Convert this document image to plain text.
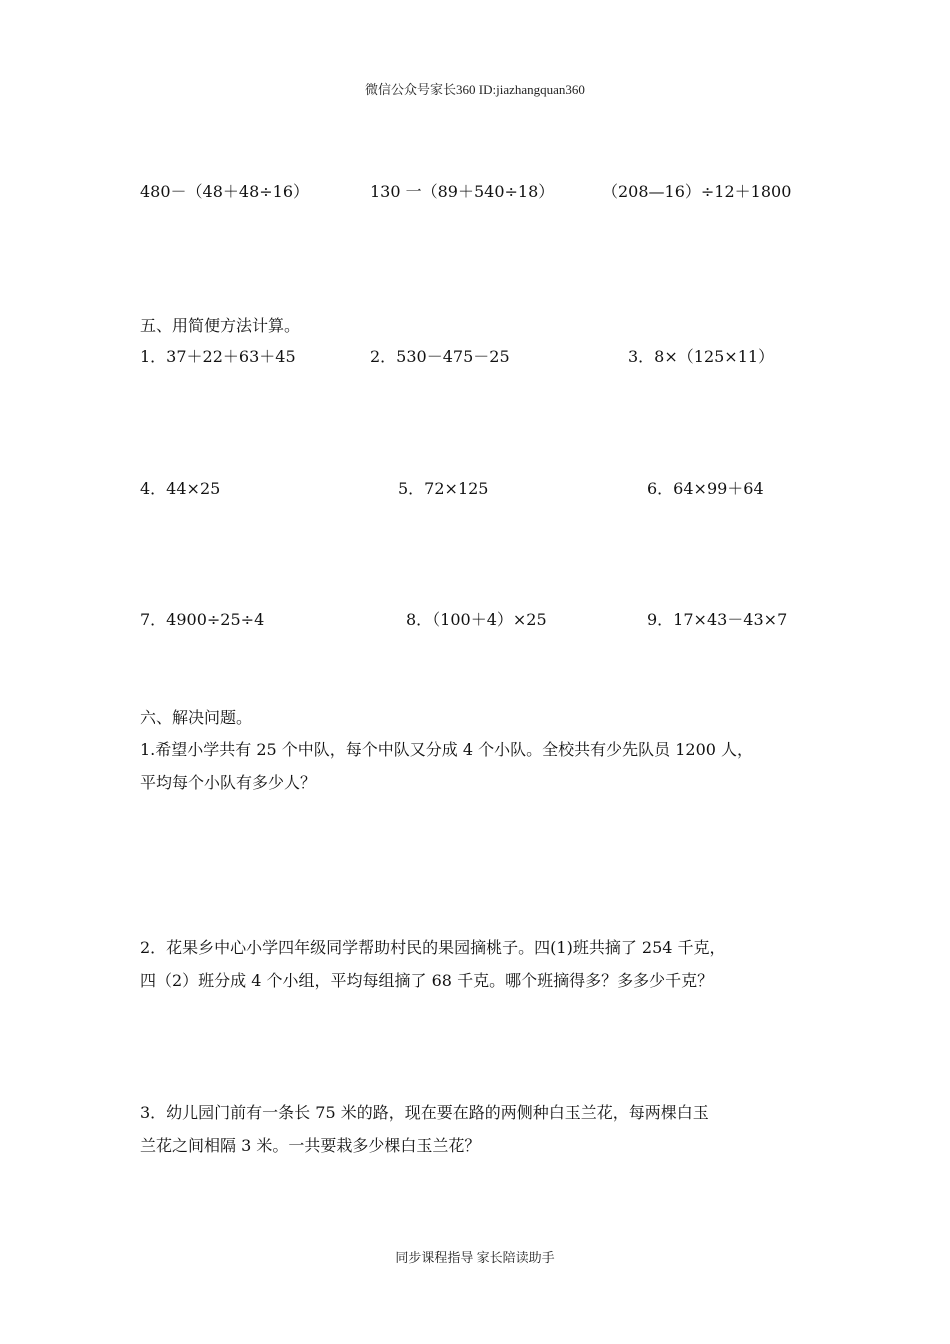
微信公众号家长360 ID:jiazhangquan360
480－（48＋48÷16）	130 一（89＋540÷18）	（208—16）÷12＋1800
五、用简便方法计算。
1．37＋22＋63＋45	2．530－475－25	3．8×（125×11）
4．44×25	5．72×125	6．64×99＋64
7．4900÷25÷4	8．（100＋4）×25	9．17×43－43×7
六、解决问题。
1.希望小学共有 25 个中队，每个中队又分成 4 个小队。全校共有少先队员 1200 人，
平均每个小队有多少人？
2．花果乡中心小学四年级同学帮助村民的果园摘桃子。四(1)班共摘了 254 千克，
四（2）班分成 4 个小组，平均每组摘了 68 千克。哪个班摘得多？多多少千克？
3．幼儿园门前有一条长 75 米的路，现在要在路的两侧种白玉兰花，每两棵白玉
兰花之间相隔 3 米。一共要栽多少棵白玉兰花？
同步课程指导 家长陪读助手
